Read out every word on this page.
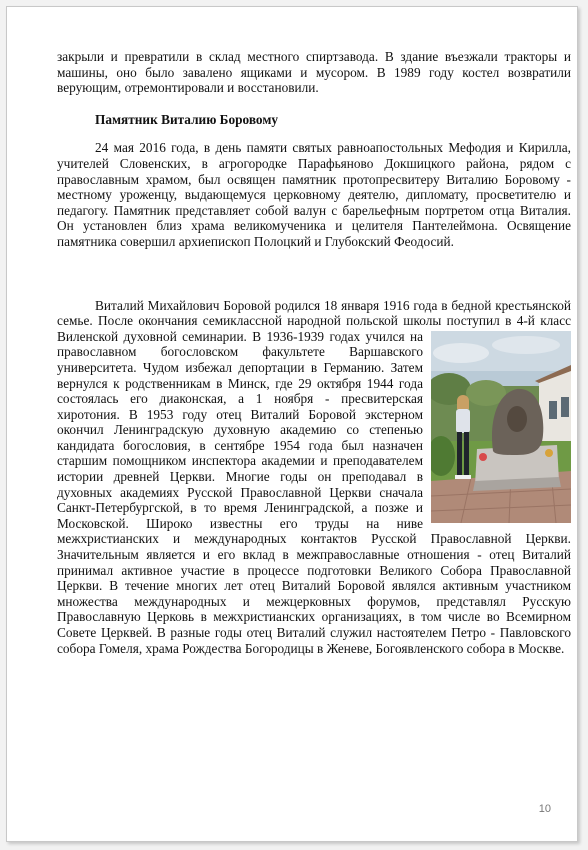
закрыли и превратили в склад местного спиртзавода. В здание въезжали тракторы и машины, оно было завалено ящиками и мусором. В 1989 году костел возвратили верующим, отремонтировали и восстановили.

Памятник Виталию Боровому

24 мая 2016 года, в день памяти святых равноапостольных Мефодия и Кирилла, учителей Словенских, в агрогородке Парафьяново Докшицкого района, рядом с православным храмом, был освящен памятник протопресвитеру Виталию Боровому - местному уроженцу, выдающемуся церковному деятелю, дипломату, просветителю и педагогу. Памятник представляет собой валун с барельефным портретом отца Виталия. Он установлен близ храма великомученика и целителя Пантелеймона. Освящение памятника совершил архиепископ Полоцкий и Глубокский Феодосий.

Виталий Михайлович Боровой родился 18 января 1916 года в бедной крестьянской семье. После окончания семиклассной народной польской школы
поступил в 4-й класс Виленской духовной семинарии. В 1936-1939 годах учился на православном богословском факультете Варшавского университета. Чудом избежал депортации в Германию. Затем вернулся к родственникам в Минск, где 29 октября 1944 года состоялась его диаконская, а 1 ноября - пресвитерская хиротония. В 1953 году отец Виталий Боровой экстерном окончил Ленинградскую духовную академию со степенью кандидата богословия, в сентябре 1954 года был назначен старшим помощником инспектора академии и преподавателем истории древней Церкви. Многие годы он преподавал в духовных академиях Русской Православной Церкви сначала Санкт-Петербургской, в то время Ленинградской, а позже и Московской. Широко известны его труды на ниве межхристианских и международных контактов Русской Православной Церкви. Значительным является и его вклад в межправославные отношения - отец Виталий принимал активное участие в процессе подготовки Великого Собора Православной Церкви. В течение многих лет отец Виталий Боровой являлся активным участником множества международных и межцерковных форумов, представлял Русскую Православную Церковь в межхристианских организациях, в том числе во Всемирном Совете Церквей. В разные годы отец Виталий служил настоятелем Петро - Павловского собора Гомеля, храма Рождества Богородицы в Женеве, Богоявленского собора в Москве.

10
